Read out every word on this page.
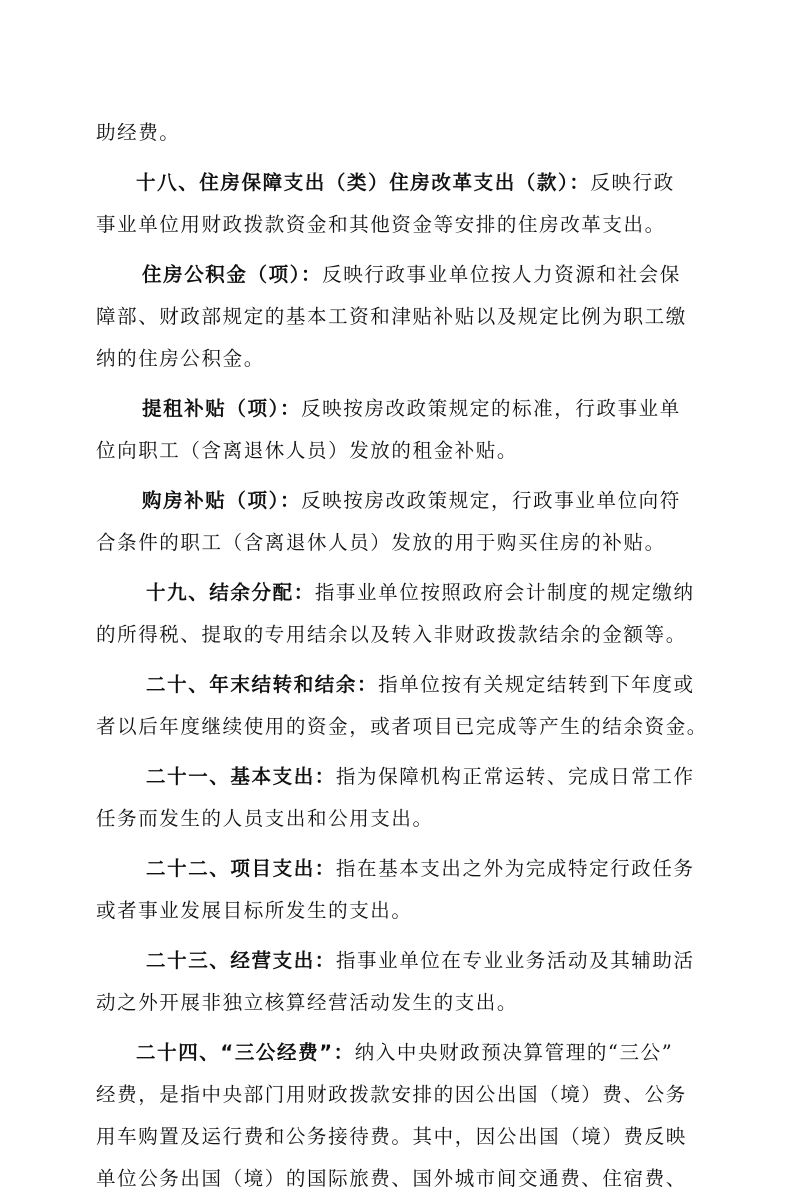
助经费。
十八、住房保障支出（类）住房改革支出（款）：反映行政
事业单位用财政拨款资金和其他资金等安排的住房改革支出。
住房公积金（项）：反映行政事业单位按人力资源和社会保
障部、财政部规定的基本工资和津贴补贴以及规定比例为职工缴
纳的住房公积金。
提租补贴（项）：反映按房改政策规定的标准，行政事业单
位向职工（含离退休人员）发放的租金补贴。
购房补贴（项）：反映按房改政策规定，行政事业单位向符
合条件的职工（含离退休人员）发放的用于购买住房的补贴。
十九、结余分配：指事业单位按照政府会计制度的规定缴纳
的所得税、提取的专用结余以及转入非财政拨款结余的金额等。
二十、年末结转和结余：指单位按有关规定结转到下年度或
者以后年度继续使用的资金，或者项目已完成等产生的结余资金。
二十一、基本支出：指为保障机构正常运转、完成日常工作
任务而发生的人员支出和公用支出。
二十二、项目支出：指在基本支出之外为完成特定行政任务
或者事业发展目标所发生的支出。
二十三、经营支出：指事业单位在专业业务活动及其辅助活
动之外开展非独立核算经营活动发生的支出。
二十四、“三公经费”：纳入中央财政预决算管理的“三公”
经费，是指中央部门用财政拨款安排的因公出国（境）费、公务
用车购置及运行费和公务接待费。其中，因公出国（境）费反映
单位公务出国（境）的国际旅费、国外城市间交通费、住宿费、
